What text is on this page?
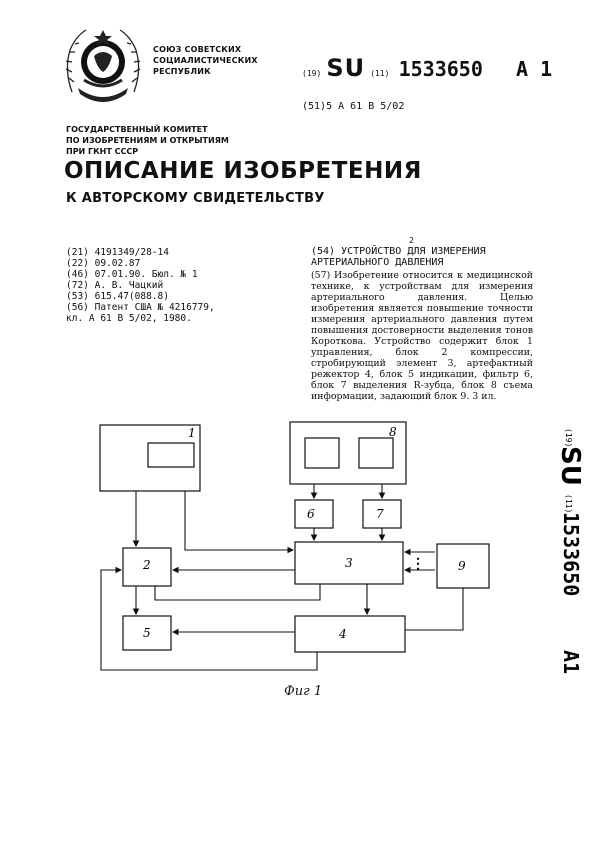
СОЮЗ СОВЕТСКИХ
СОЦИАЛИСТИЧЕСКИХ
РЕСПУБЛИК	(19) SU (11) 1533650 A 1
(51)5 А 61 В 5/02
ГОСУДАРСТВЕННЫЙ КОМИТЕТ
ПО ИЗОБРЕТЕНИЯМ И ОТКРЫТИЯМ
ПРИ ГКНТ СССР
ОПИСАНИЕ ИЗОБРЕТЕНИЯ
К АВТОРСКОМУ СВИДЕТЕЛЬСТВУ
(21) 4191349/28-14
(22) 09.02.87
(46) 07.01.90. Бюл. № 1
(72) А. В. Чацкий
(53) 615.47(088.8)
(56) Патент США № 4216779,
кл. А 61 В 5/02, 1980.
2
(54) УСТРОЙСТВО ДЛЯ ИЗМЕРЕНИЯ АРТЕРИАЛЬНОГО ДАВЛЕНИЯ

(57) Изобретение относится к медицинской технике, к устройствам для измерения артериального давления. Целью изобретения является повышение точности измерения артериального давления путем повышения достоверности выделения тонов Короткова. Устройство содержит блок 1 управления, блок 2 компрессии, стробирующий элемент 3, артефактный режектор 4, блок 5 индикации, фильтр 6, блок 7 выделения R-зубца, блок 8 съема информации, задающий блок 9. 3 ил.

1
2	3
4
5
6	7
8
9
⋮
Фиг 1
(19)
SU
(11)
1533650
A1
